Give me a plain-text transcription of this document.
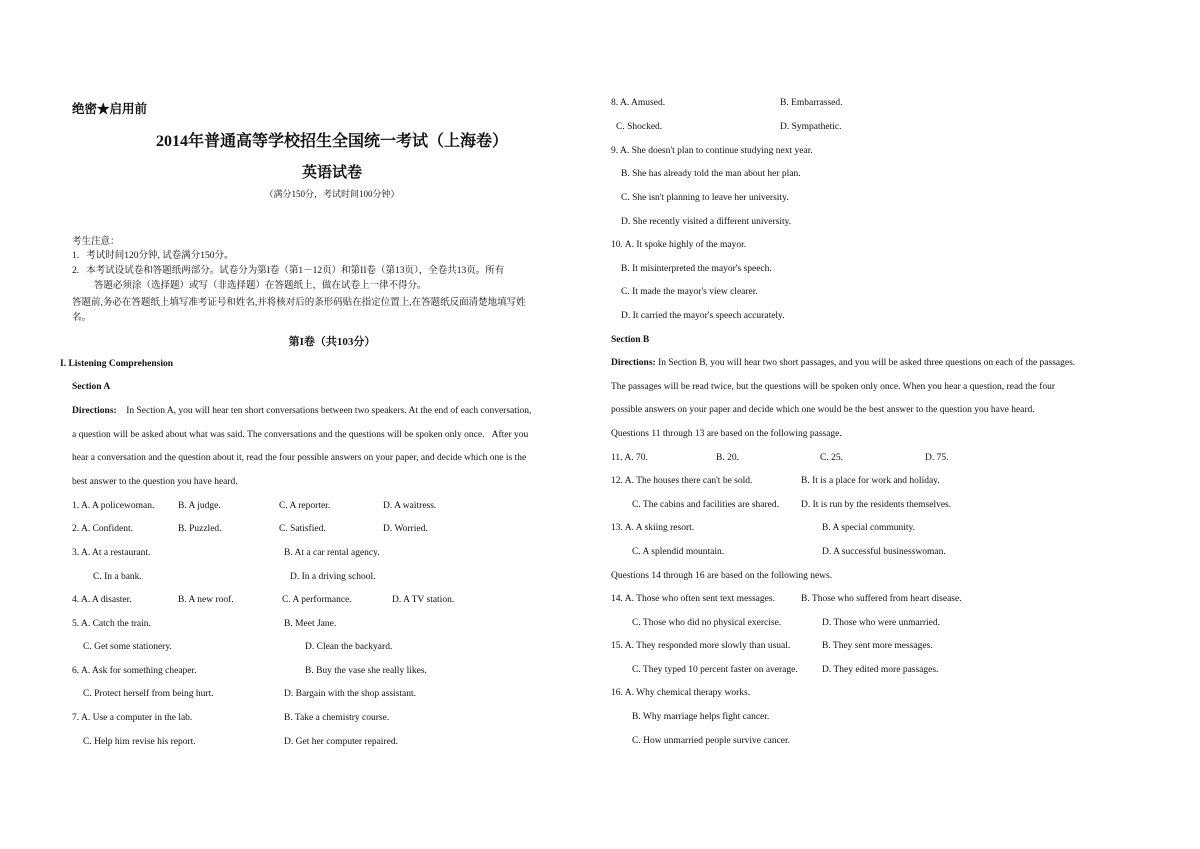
绝密★启用前
2014年普通高等学校招生全国统一考试（上海卷）
英语试卷
（满分150分，考试时间100分钟）
考生注意：
1.   考试时间120分钟, 试卷满分150分。
2.   本考试设试卷和答题纸两部分。试卷分为第I卷（第1－12页）和第II卷（第13页），全卷共13页。所有
答题必须涂（选择题）或写（非选择题）在答题纸上，做在试卷上一律不得分。
答题前,务必在答题纸上填写准考证号和姓名,并将核对后的条形码贴在指定位置上,在答题纸反面清楚地填写姓
名。
第I卷（共103分）
I. Listening Comprehension
Section A
Directions: In Section A, you will hear ten short conversations between two speakers. At the end of each conversation,
a question will be asked about what was said. The conversations and the questions will be spoken only once.   After you
hear a conversation and the question about it, read the four possible answers on your paper, and decide which one is the
best answer to the question you have heard.
1. A. A policewoman. B. A judge.	C. A reporter.	D. A waitress.
2. A. Confident.	B. Puzzled.	C. Satisfied.	D. Worried.
3. A. At a restaurant.	B. At a car rental agency.
C. In a bank.	D. In a driving school.
4. A. A disaster.	B. A new roof.	C. A performance.	D. A TV station.
5. A. Catch the train.	B. Meet Jane.
C. Get some stationery.	D. Clean the backyard.
6. A. Ask for something cheaper.	B. Buy the vase she really likes.
C. Protect herself from being hurt.	D. Bargain with the shop assistant.
7. A. Use a computer in the lab.	B. Take a chemistry course.
C. Help him revise his report.	D. Get her computer repaired.
8. A. Amused.	B. Embarrassed.
C. Shocked.	D. Sympathetic.
9. A. She doesn't plan to continue studying next year.
B. She has already told the man about her plan.
C. She isn't planning to leave her university.
D. She recently visited a different university.
10. A. It spoke highly of the mayor.
B. It misinterpreted the mayor's speech.
C. It made the mayor's view clearer.
D. It carried the mayor's speech accurately.
Section B
Directions: In Section B, you will hear two short passages, and you will be asked three questions on each of the passages.
The passages will be read twice, but the questions will be spoken only once. When you hear a question, read the four
possible answers on your paper and decide which one would be the best answer to the question you have heard.
Questions 11 through 13 are based on the following passage.
11. A. 70.	B. 20.	C. 25.	D. 75.
12. A. The houses there can't be sold.	B. It is a place for work and holiday.
C. The cabins and facilities are shared. D. It is run by the residents themselves.
13. A. A skiing resort.	B. A special community.
C. A splendid mountain.	D. A successful businesswoman.
Questions 14 through 16 are based on the following news.
14. A. Those who often sent text messages.	B. Those who suffered from heart disease.
C. Those who did no physical exercise.	D. Those who were unmarried.
15. A. They responded more slowly than usual.	B. They sent more messages.
C. They typed 10 percent faster on average.	D. They edited more passages.
16. A. Why chemical therapy works.
B. Why marriage helps fight cancer.
C. How unmarried people survive cancer.
